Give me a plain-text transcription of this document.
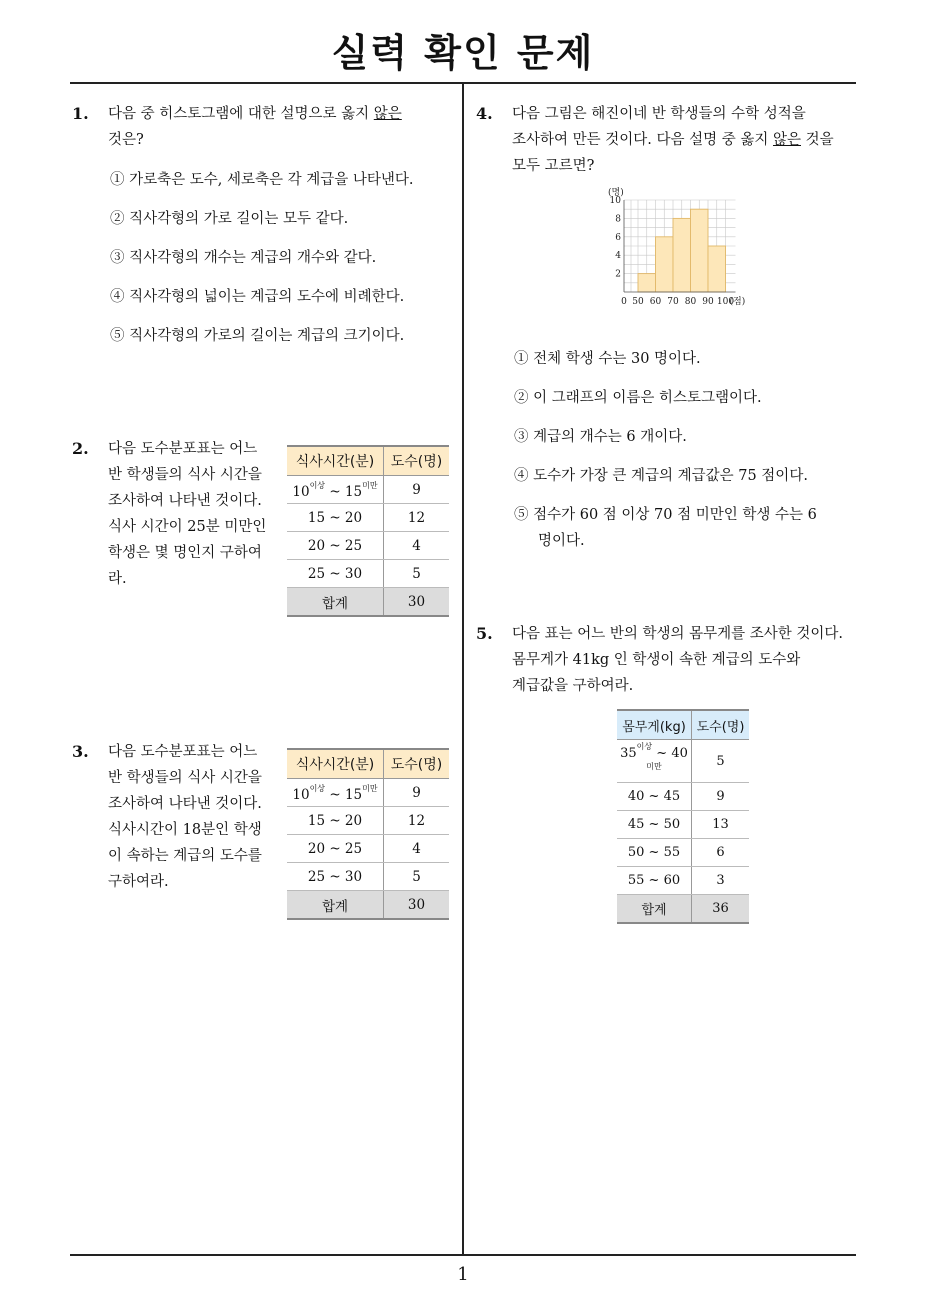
실력 확인 문제
1
1. 다음 중 히스토그램에 대한 설명으로 옳지 않은
것은?
① 가로축은 도수, 세로축은 각 계급을 나타낸다.
② 직사각형의 가로 길이는 모두 같다.
③ 직사각형의 개수는 계급의 개수와 같다.
④ 직사각형의 넓이는 계급의 도수에 비례한다.
⑤ 직사각형의 가로의 길이는 계급의 크기이다.
2. 다음 도수분포표는 어느
반 학생들의 식사 시간을
조사하여 나타낸 것이다.
식사 시간이 25분 미만인
학생은 몇 명인지 구하여
라.
식사시간(분)	도수(명)
$10^{이상}$ ~ $15^{미만}$	9
15 ~ 20	12
20 ~ 25	4
25 ~ 30	5
합계	30
3. 다음 도수분포표는 어느
반 학생들의 식사 시간을
조사하여 나타낸 것이다.
식사시간이 18분인 학생
이 속하는 계급의 도수를
구하여라.
식사시간(분)	도수(명)
$10^{이상}$ ~ $15^{미만}$	9
15 ~ 20	12
20 ~ 25	4
25 ~ 30	5
합계	30
4. 다음 그림은 해진이네 반 학생들의 수학 성적을
조사하여 만든 것이다. 다음 설명 중 옳지 않은 것을
모두 고르면?
(명)
(점)
2
4
6
8
10
0 50 60 70 80 90 100
① 전체 학생 수는 30 명이다.
② 이 그래프의 이름은 히스토그램이다.
③ 계급의 개수는 6 개이다.
④ 도수가 가장 큰 계급의 계급값은 75 점이다.
⑤ 점수가 60 점 이상 70 점 미만인 학생 수는 6
명이다.
5. 다음 표는 어느 반의 학생의 몸무게를 조사한 것이다.
몸무게가 41kg 인 학생이 속한 계급의 도수와
계급값을 구하여라.
몸무게(kg)	도수(명)
$35^{이상}$ ~ $40^{미만}$	5
40 ~ 45	9
45 ~ 50	13
50 ~ 55	6
55 ~ 60	3
합계	36
